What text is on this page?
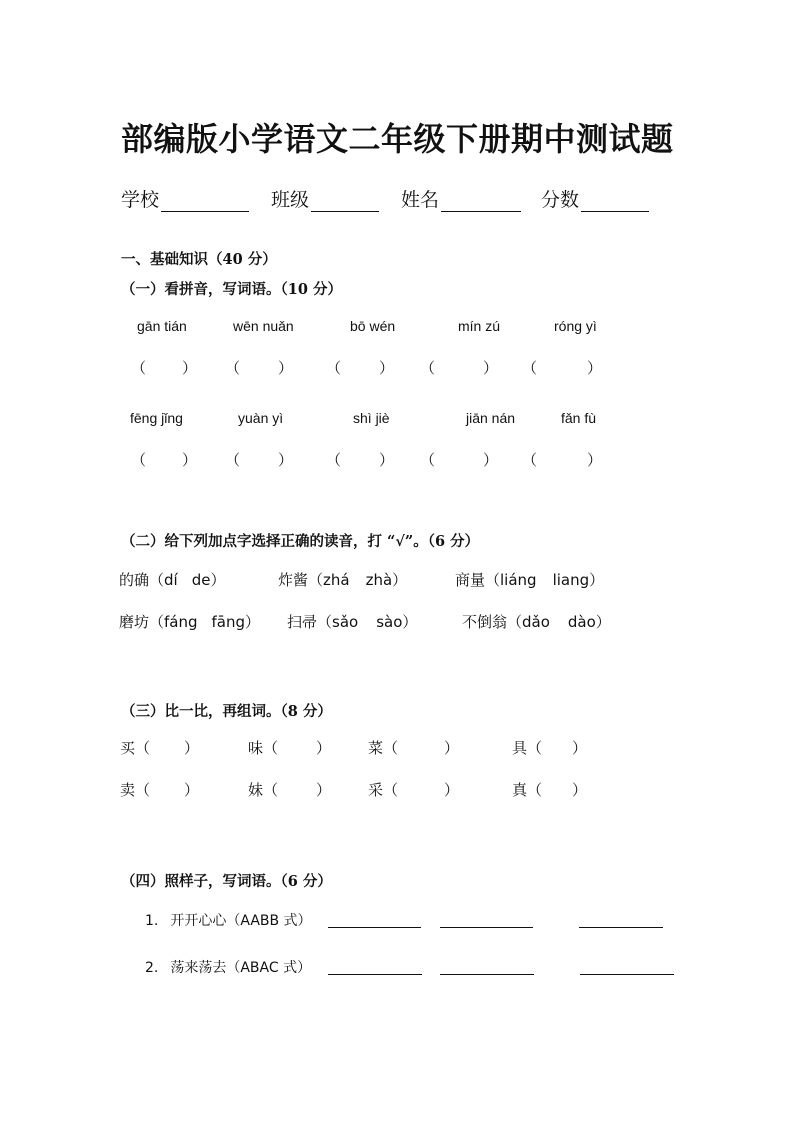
部编版小学语文二年级下册期中测试题
学校	班级	姓名	分数
一、基础知识（40 分）
（一）看拼音，写词语。（10 分）
gān tián	wēn nuǎn	bō wén	mín zú	róng yì
（ ） （	） （	） （	） （	）
fēng jǐng	yuàn yì	shì jiè	jiān nán	fǎn fù
（ ） （	） （	） （	） （	）
（二）给下列加点字选择正确的读音，打 “√”。（6 分）
的确（dí de）	炸酱（zhá zhà）	商量（liáng liang）
磨坊（fáng fāng） 扫帚（sǎo sào）	不倒翁（dǎo dào）
（三）比一比，再组词。（8 分）
买（ ）	味（	） 菜（	）	具（ ）
卖（ ）	妹（	） 采（	）	真（ ）
（四）照样子，写词语。（6 分）
1. 开开心心（AABB 式）
2. 荡来荡去（ABAC 式）
